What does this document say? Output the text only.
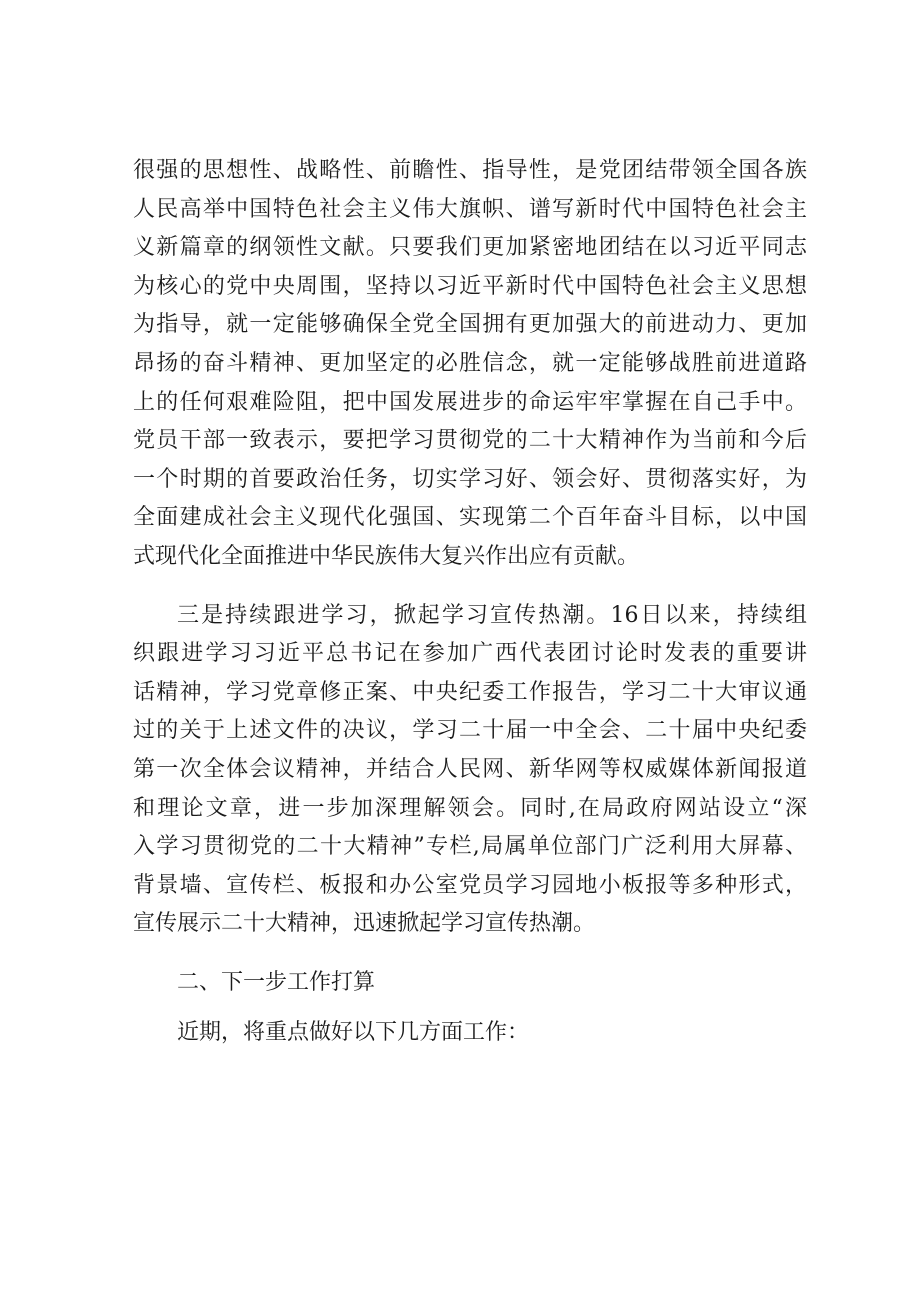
很强的思想性、战略性、前瞻性、指导性，是党团结带领全国各族
人民高举中国特色社会主义伟大旗帜、谱写新时代中国特色社会主
义新篇章的纲领性文献。只要我们更加紧密地团结在以习近平同志
为核心的党中央周围，坚持以习近平新时代中国特色社会主义思想
为指导，就一定能够确保全党全国拥有更加强大的前进动力、更加
昂扬的奋斗精神、更加坚定的必胜信念，就一定能够战胜前进道路
上的任何艰难险阻，把中国发展进步的命运牢牢掌握在自己手中。
党员干部一致表示，要把学习贯彻党的二十大精神作为当前和今后
一个时期的首要政治任务，切实学习好、领会好、贯彻落实好，为
全面建成社会主义现代化强国、实现第二个百年奋斗目标，以中国
式现代化全面推进中华民族伟大复兴作出应有贡献。
三是持续跟进学习，掀起学习宣传热潮。16日以来，持续组
织跟进学习习近平总书记在参加广西代表团讨论时发表的重要讲
话精神，学习党章修正案、中央纪委工作报告，学习二十大审议通
过的关于上述文件的决议，学习二十届一中全会、二十届中央纪委
第一次全体会议精神，并结合人民网、新华网等权威媒体新闻报道
和理论文章，进一步加深理解领会。同时,在局政府网站设立“深
入学习贯彻党的二十大精神”专栏,局属单位部门广泛利用大屏幕、
背景墙、宣传栏、板报和办公室党员学习园地小板报等多种形式，
宣传展示二十大精神，迅速掀起学习宣传热潮。
二、下一步工作打算
近期，将重点做好以下几方面工作：
